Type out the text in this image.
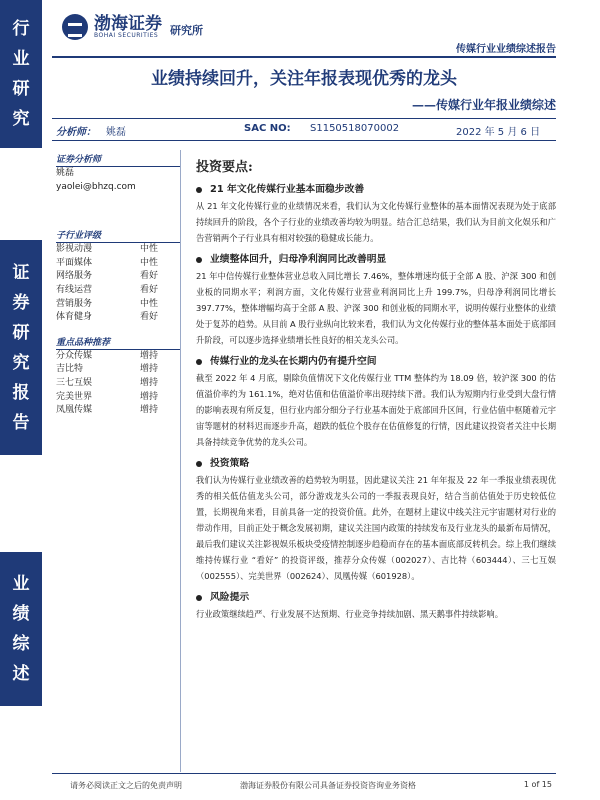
行
业
研
究
证
券
研
究
报
告
业
绩
综
述
渤海证券
BOHAI SECURITIES	研究所
传媒行业业绩综述报告
业绩持续回升，关注年报表现优秀的龙头
——传媒行业年报业绩综述
分析师： 姚磊	SAC NO: S1150518070002	2022 年 5 月 6 日
证券分析师
姚磊
yaolei@bhzq.com
子行业评级
影视动漫	中性
平面媒体	中性
网络服务	看好
有线运营	看好
营销服务	中性
体育健身	看好
重点品种推荐
分众传媒	增持
吉比特	增持
三七互娱	增持
完美世界	增持
凤凰传媒	增持
投资要点:
21 年文化传媒行业基本面稳步改善

从 21 年文化传媒行业的业绩情况来看，我们认为文化传媒行业整体的基本面情况表现为处于底部持续回升的阶段，各个子行业的业绩改善均较为明显。结合汇总结果，我们认为目前文化娱乐和广告营销两个子行业具有相对较强的稳健成长能力。

业绩整体回升，归母净利润同比改善明显

21 年中信传媒行业整体营业总收入同比增长 7.46%，整体增速均低于全部 A 股、沪深 300 和创业板的同期水平；利润方面，文化传媒行业营业利润同比上升 199.7%，归母净利润同比增长 397.77%，整体增幅均高于全部 A 股、沪深 300 和创业板的同期水平，说明传媒行业整体的业绩处于复苏的趋势。从目前 A 股行业纵向比较来看，我们认为文化传媒行业的整体基本面处于底部回升阶段，可以逐步选择业绩增长性良好的相关龙头公司。

传媒行业的龙头在长期内仍有提升空间

截至 2022 年 4 月底，剔除负值情况下文化传媒行业 TTM 整体约为 18.09 倍，较沪深 300 的估值溢价率约为 161.1%，绝对估值和估值溢价率出现持续下滑。我们认为短期内行业受到大盘行情的影响表现有所反复，但行业内部分细分子行业基本面处于底部回升区间，行业估值中枢随着元宇宙等题材的材料迟而逐步升高，超跌的低位个股存在估值修复的行情，因此建议投资者关注中长期具备持续竞争优势的龙头公司。

投资策略

我们认为传媒行业业绩改善的趋势较为明显，因此建议关注 21 年年报及 22 年一季报业绩表现优秀的相关低估值龙头公司，部分游戏龙头公司的一季报表现良好，结合当前估值处于历史较低位置，长期视角来看，目前具备一定的投资价值。此外，在题材上建议中线关注元宇宙题材对行业的带动作用，目前正处于概念发展初期，建议关注国内政策的持续发布及行业龙头的最新布局情况，最后我们建议关注影视娱乐板块受疫情控制逐步趋稳而存在的基本面底部反转机会。综上我们继续维持传媒行业 “看好” 的投资评级，推荐分众传媒（002027）、吉比特（603444）、三七互娱（002555）、完美世界（002624）、凤凰传媒（601928）。

风险提示

行业政策继续趋严、行业发展不达预期、行业竞争持续加剧、黑天鹅事件持续影响。

请务必阅读正文之后的免责声明	渤海证券股份有限公司具备证券投资咨询业务资格	1 of 15
